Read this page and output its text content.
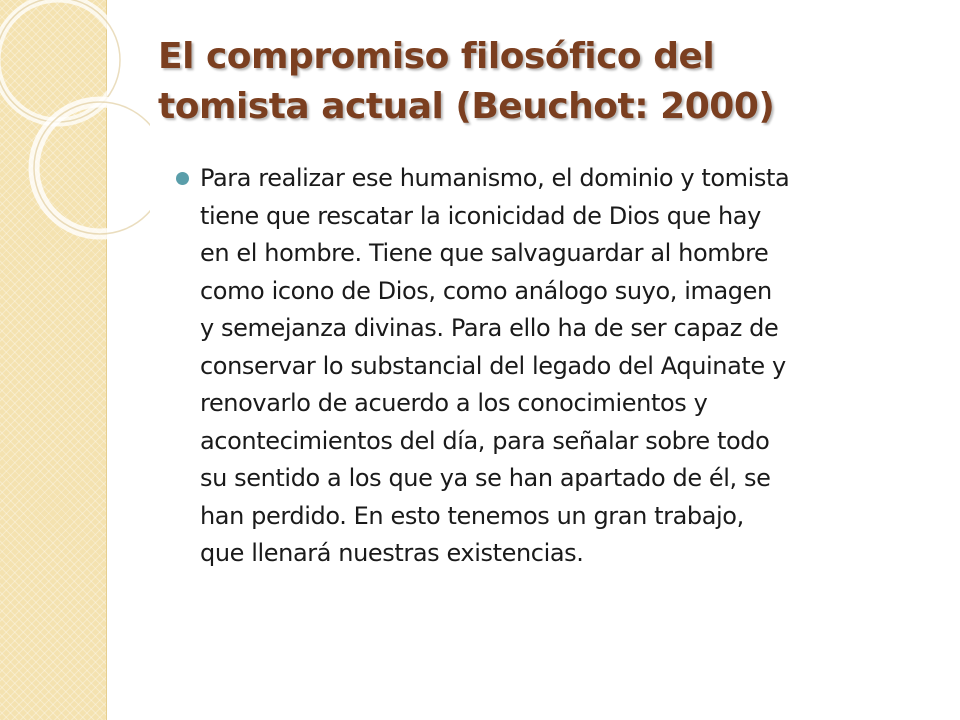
El compromiso filosófico del
tomista actual (Beuchot: 2000)

Para realizar ese humanismo, el dominio y tomista
tiene que rescatar la iconicidad de Dios que hay
en el hombre. Tiene que salvaguardar al hombre
como icono de Dios, como análogo suyo, imagen
y semejanza divinas. Para ello ha de ser capaz de
conservar lo substancial del legado del Aquinate y
renovarlo de acuerdo a los conocimientos y
acontecimientos del día, para señalar sobre todo
su sentido a los que ya se han apartado de él, se
han perdido. En esto tenemos un gran trabajo,
que llenará nuestras existencias.
